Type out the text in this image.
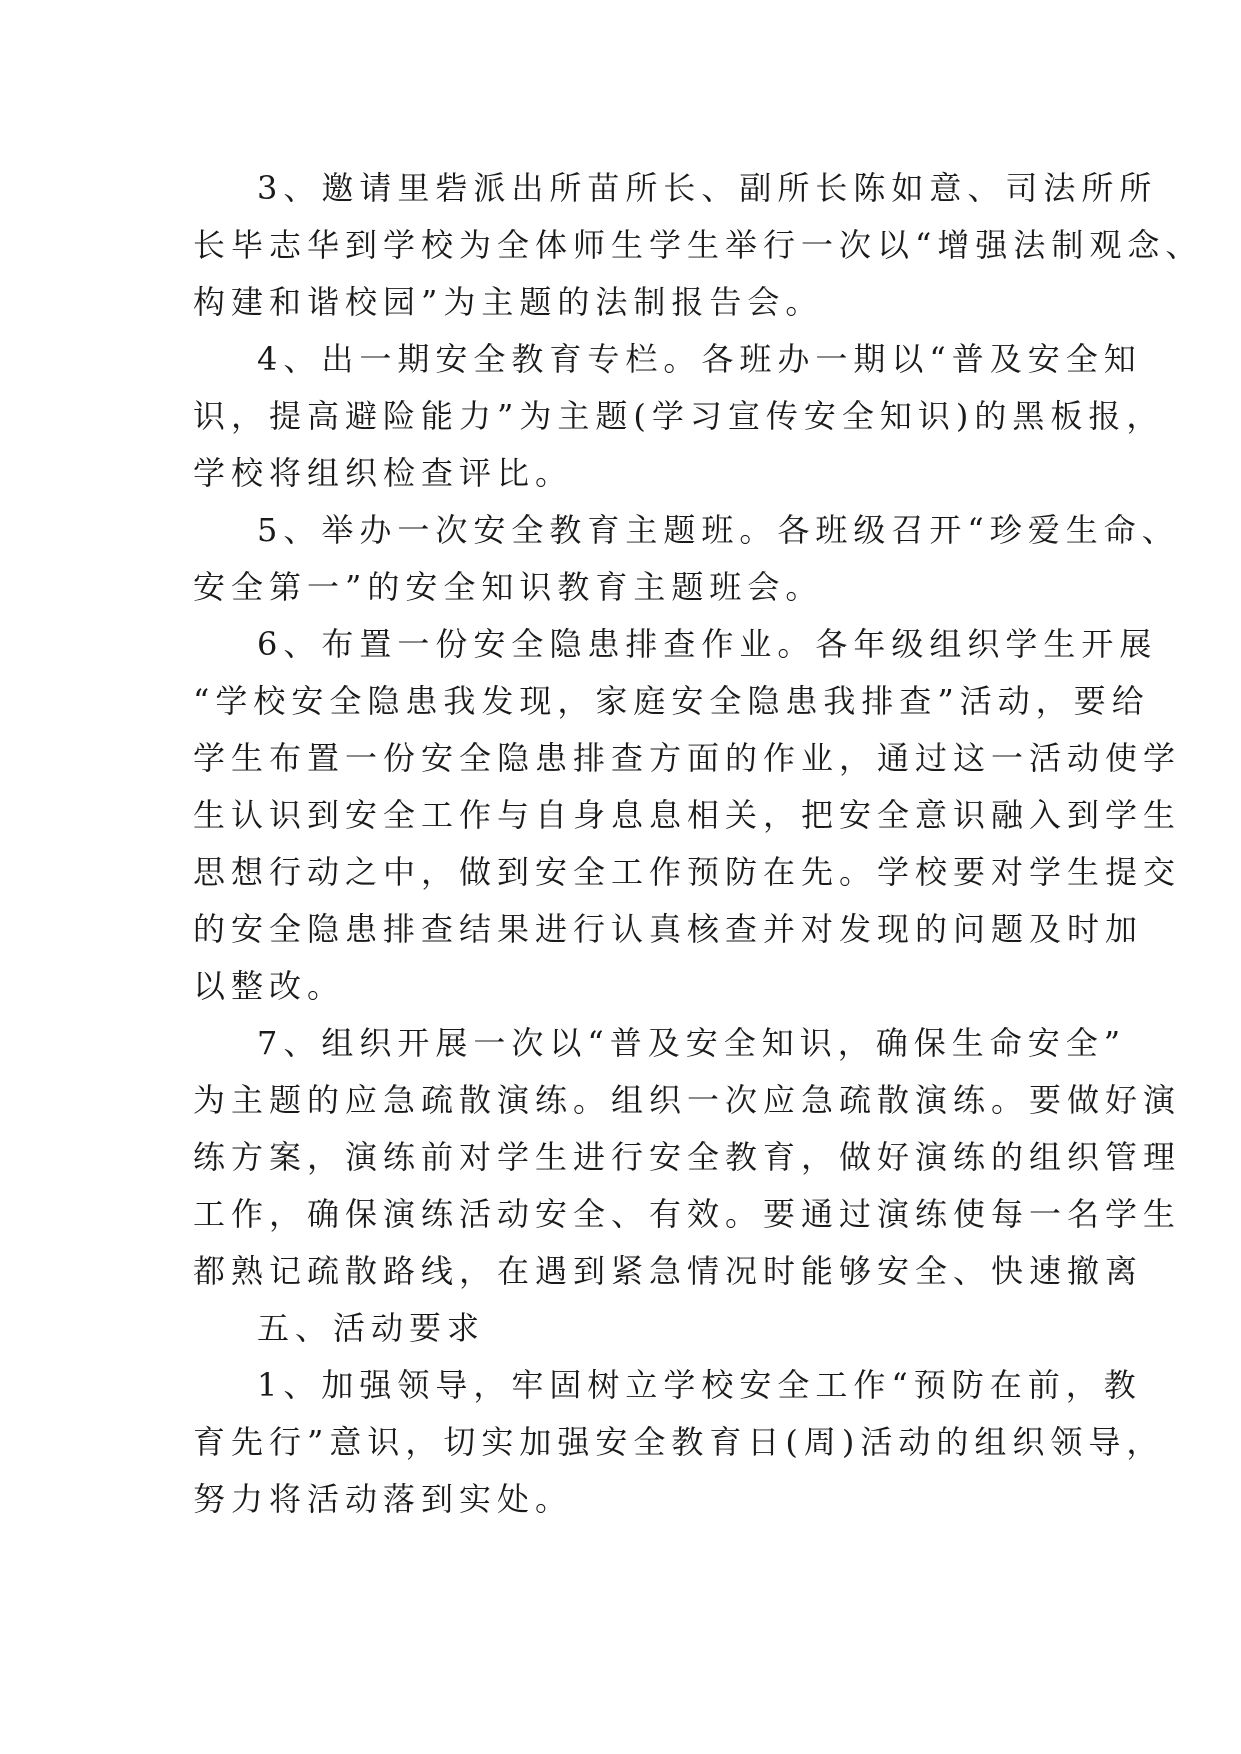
3、邀请里砦派出所苗所长、副所长陈如意、司法所所
长毕志华到学校为全体师生学生举行一次以“增强法制观念、
构建和谐校园”为主题的法制报告会。
4、出一期安全教育专栏。各班办一期以“普及安全知
识，提高避险能力”为主题(学习宣传安全知识)的黑板报，
学校将组织检查评比。
5、举办一次安全教育主题班。各班级召开“珍爱生命、
安全第一”的安全知识教育主题班会。
6、布置一份安全隐患排查作业。各年级组织学生开展
“学校安全隐患我发现，家庭安全隐患我排查”活动，要给
学生布置一份安全隐患排查方面的作业，通过这一活动使学
生认识到安全工作与自身息息相关，把安全意识融入到学生
思想行动之中，做到安全工作预防在先。学校要对学生提交
的安全隐患排查结果进行认真核查并对发现的问题及时加
以整改。
7、组织开展一次以“普及安全知识，确保生命安全”
为主题的应急疏散演练。组织一次应急疏散演练。要做好演
练方案，演练前对学生进行安全教育，做好演练的组织管理
工作，确保演练活动安全、有效。要通过演练使每一名学生
都熟记疏散路线，在遇到紧急情况时能够安全、快速撤离
五、活动要求
1、加强领导，牢固树立学校安全工作“预防在前，教
育先行”意识，切实加强安全教育日(周)活动的组织领导，
努力将活动落到实处。
